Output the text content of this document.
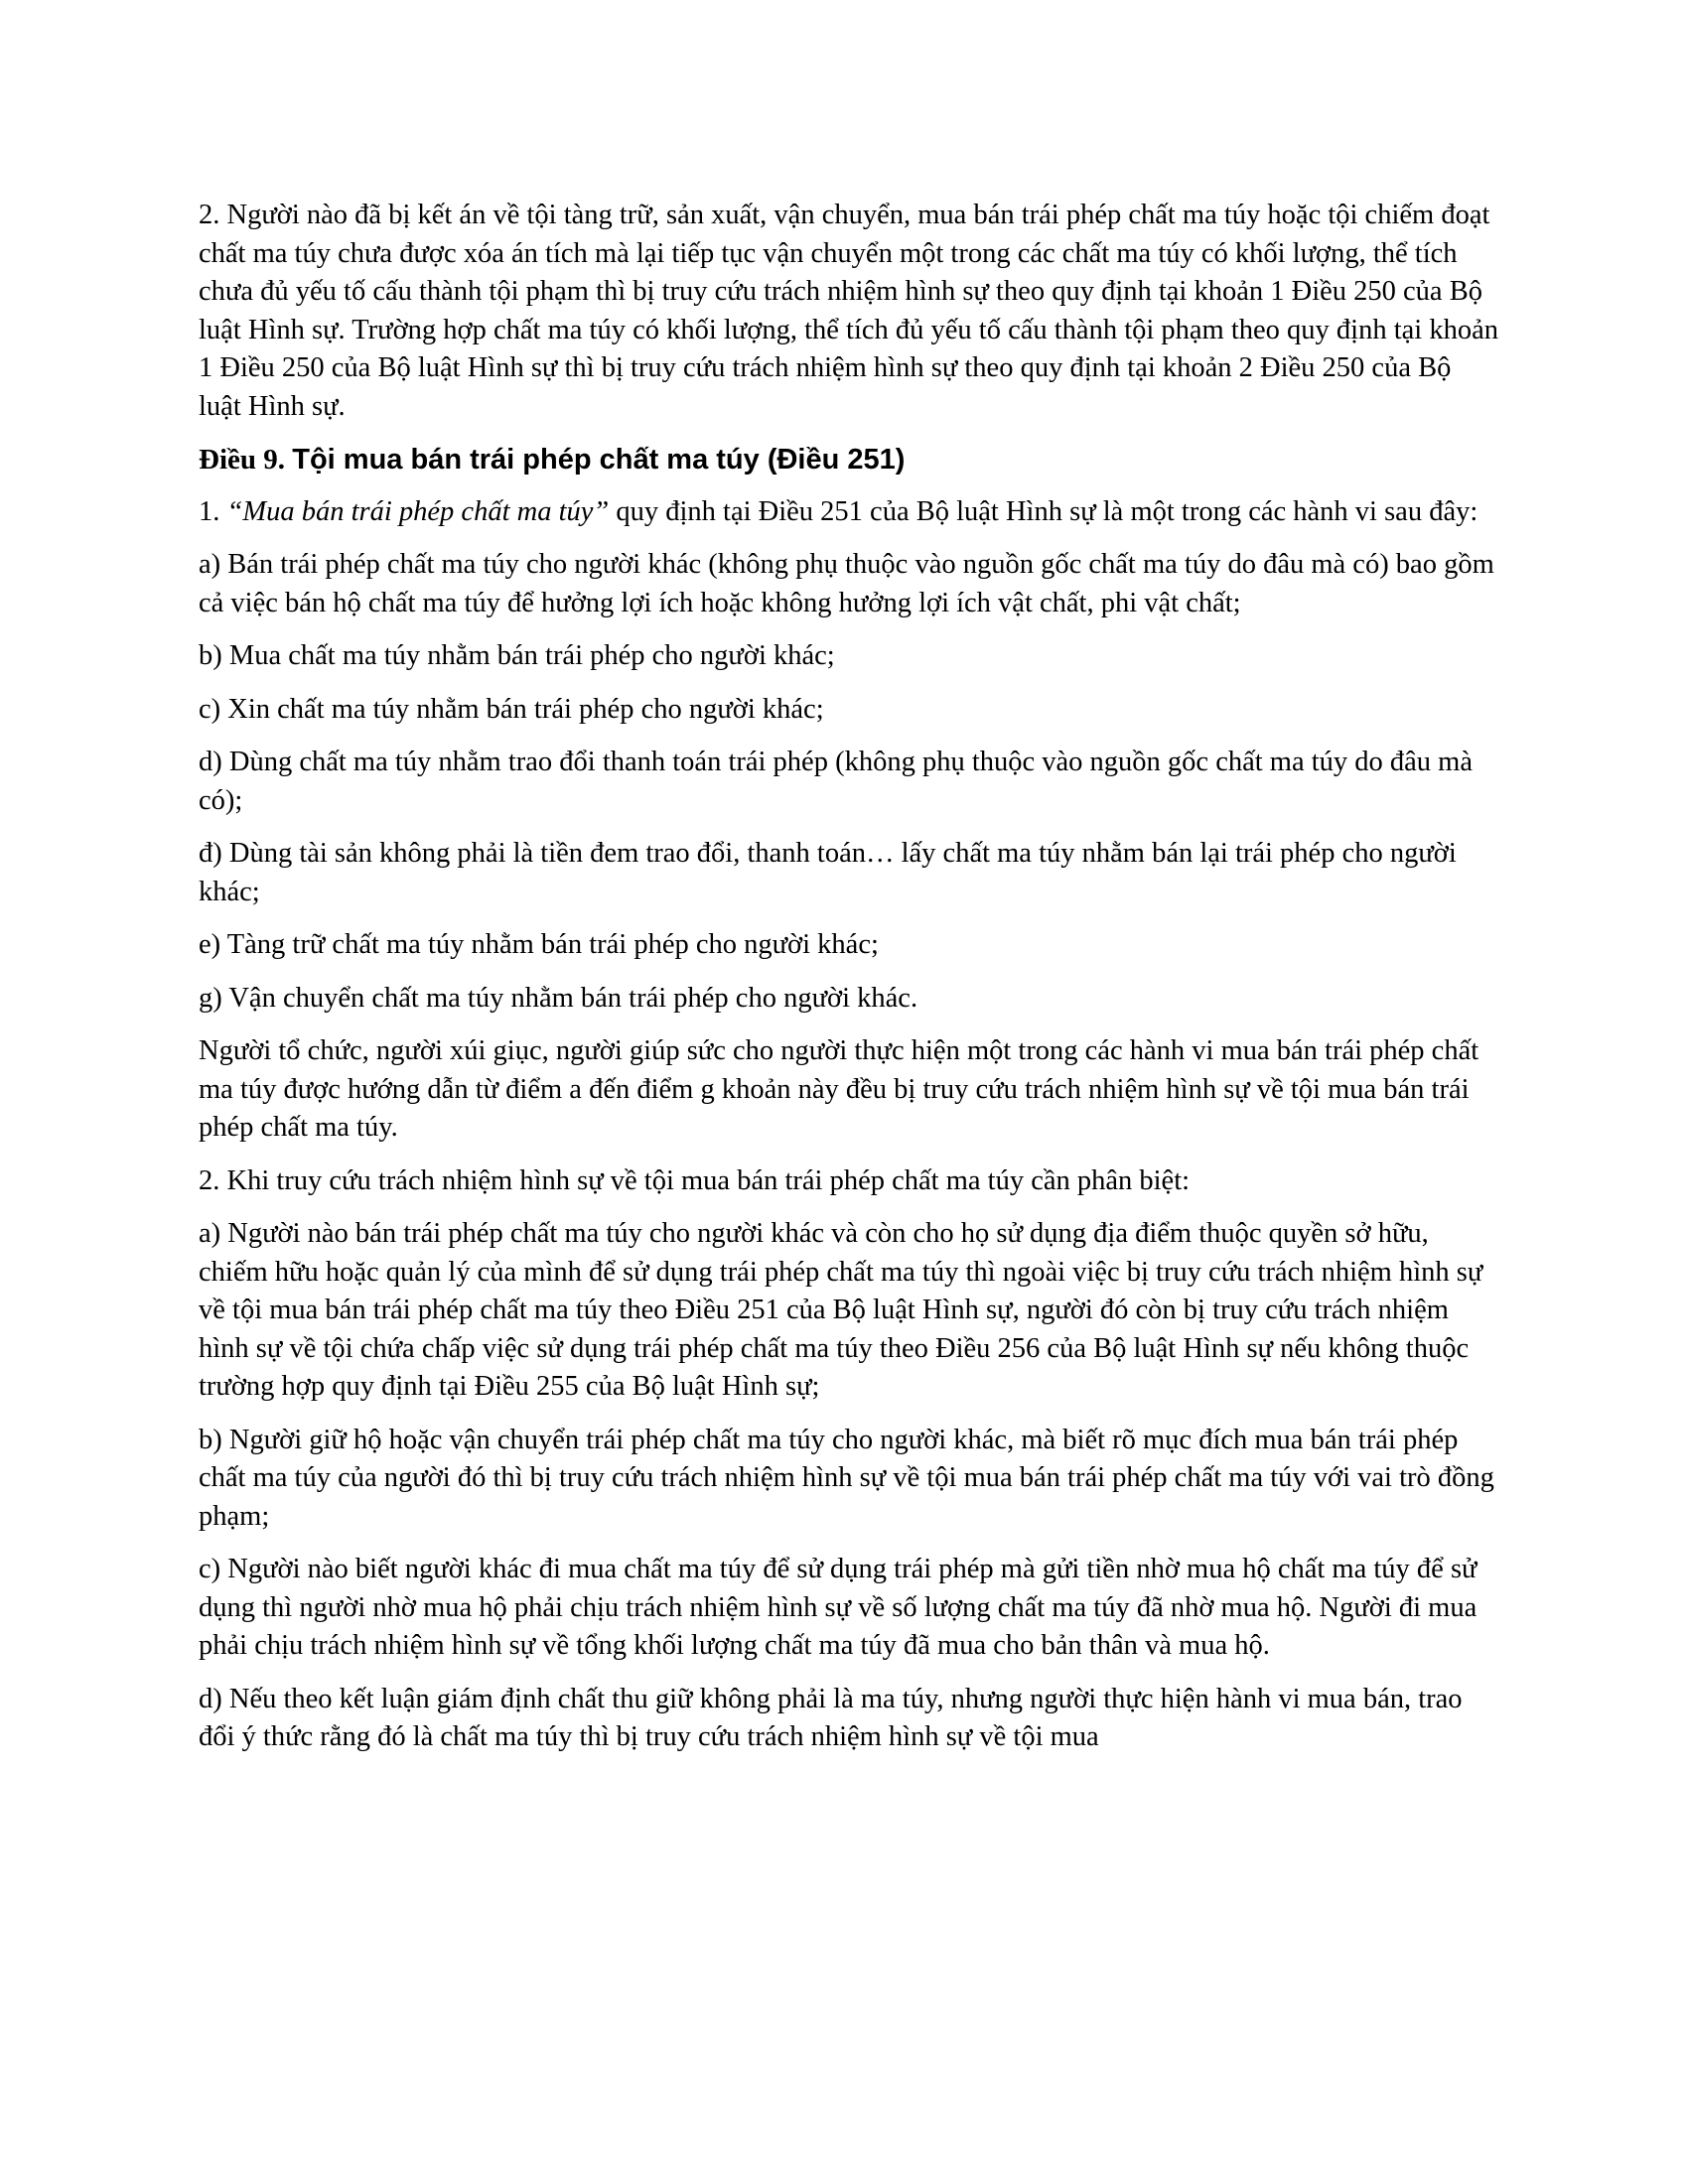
2. Người nào đã bị kết án về tội tàng trữ, sản xuất, vận chuyển, mua bán trái phép chất ma túy hoặc tội chiếm đoạt chất ma túy chưa được xóa án tích mà lại tiếp tục vận chuyển một trong các chất ma túy có khối lượng, thể tích chưa đủ yếu tố cấu thành tội phạm thì bị truy cứu trách nhiệm hình sự theo quy định tại khoản 1 Điều 250 của Bộ luật Hình sự. Trường hợp chất ma túy có khối lượng, thể tích đủ yếu tố cấu thành tội phạm theo quy định tại khoản 1 Điều 250 của Bộ luật Hình sự thì bị truy cứu trách nhiệm hình sự theo quy định tại khoản 2 Điều 250 của Bộ luật Hình sự.

Điều 9. Tội mua bán trái phép chất ma túy (Điều 251)

1. “Mua bán trái phép chất ma túy” quy định tại Điều 251 của Bộ luật Hình sự là một trong các hành vi sau đây:

a) Bán trái phép chất ma túy cho người khác (không phụ thuộc vào nguồn gốc chất ma túy do đâu mà có) bao gồm cả việc bán hộ chất ma túy để hưởng lợi ích hoặc không hưởng lợi ích vật chất, phi vật chất;

b) Mua chất ma túy nhằm bán trái phép cho người khác;

c) Xin chất ma túy nhằm bán trái phép cho người khác;

d) Dùng chất ma túy nhằm trao đổi thanh toán trái phép (không phụ thuộc vào nguồn gốc chất ma túy do đâu mà có);

đ) Dùng tài sản không phải là tiền đem trao đổi, thanh toán… lấy chất ma túy nhằm bán lại trái phép cho người khác;

e) Tàng trữ chất ma túy nhằm bán trái phép cho người khác;

g) Vận chuyển chất ma túy nhằm bán trái phép cho người khác.

Người tổ chức, người xúi giục, người giúp sức cho người thực hiện một trong các hành vi mua bán trái phép chất ma túy được hướng dẫn từ điểm a đến điểm g khoản này đều bị truy cứu trách nhiệm hình sự về tội mua bán trái phép chất ma túy.

2. Khi truy cứu trách nhiệm hình sự về tội mua bán trái phép chất ma túy cần phân biệt:

a) Người nào bán trái phép chất ma túy cho người khác và còn cho họ sử dụng địa điểm thuộc quyền sở hữu, chiếm hữu hoặc quản lý của mình để sử dụng trái phép chất ma túy thì ngoài việc bị truy cứu trách nhiệm hình sự về tội mua bán trái phép chất ma túy theo Điều 251 của Bộ luật Hình sự, người đó còn bị truy cứu trách nhiệm hình sự về tội chứa chấp việc sử dụng trái phép chất ma túy theo Điều 256 của Bộ luật Hình sự nếu không thuộc trường hợp quy định tại Điều 255 của Bộ luật Hình sự;

b) Người giữ hộ hoặc vận chuyển trái phép chất ma túy cho người khác, mà biết rõ mục đích mua bán trái phép chất ma túy của người đó thì bị truy cứu trách nhiệm hình sự về tội mua bán trái phép chất ma túy với vai trò đồng phạm;

c) Người nào biết người khác đi mua chất ma túy để sử dụng trái phép mà gửi tiền nhờ mua hộ chất ma túy để sử dụng thì người nhờ mua hộ phải chịu trách nhiệm hình sự về số lượng chất ma túy đã nhờ mua hộ. Người đi mua phải chịu trách nhiệm hình sự về tổng khối lượng chất ma túy đã mua cho bản thân và mua hộ.

d) Nếu theo kết luận giám định chất thu giữ không phải là ma túy, nhưng người thực hiện hành vi mua bán, trao đổi ý thức rằng đó là chất ma túy thì bị truy cứu trách nhiệm hình sự về tội mua
